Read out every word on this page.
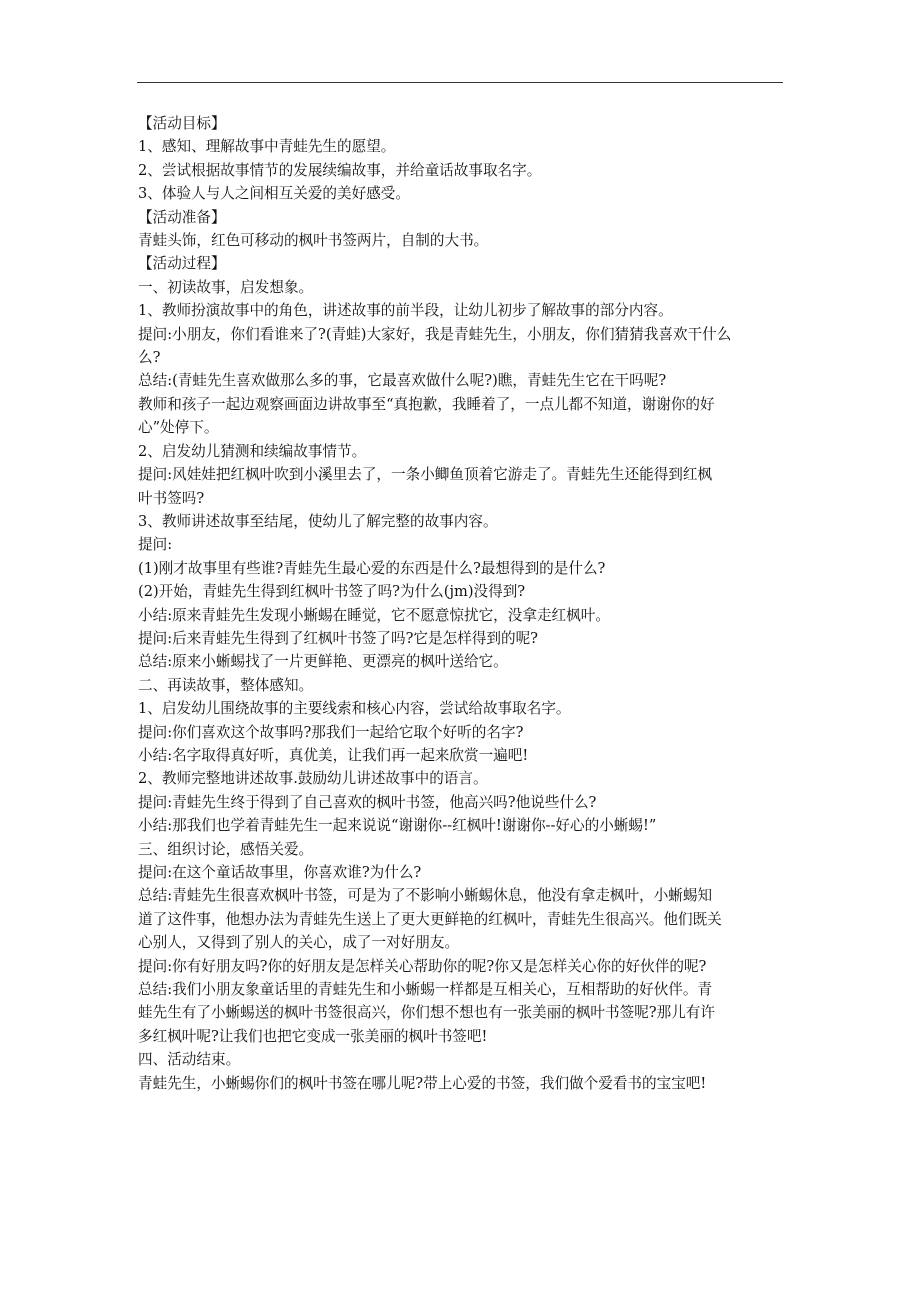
【活动目标】

1、感知、理解故事中青蛙先生的愿望。

2、尝试根据故事情节的发展续编故事，并给童话故事取名字。

3、体验人与人之间相互关爱的美好感受。

【活动准备】

青蛙头饰，红色可移动的枫叶书签两片，自制的大书。

【活动过程】

一、初读故事，启发想象。

1、教师扮演故事中的角色，讲述故事的前半段，让幼儿初步了解故事的部分内容。

提问:小朋友，你们看谁来了?(青蛙)大家好，我是青蛙先生，小朋友，你们猜猜我喜欢干什么

么?

总结:(青蛙先生喜欢做那么多的事，它最喜欢做什么呢?)瞧，青蛙先生它在干吗呢?

教师和孩子一起边观察画面边讲故事至“真抱歉，我睡着了，一点儿都不知道，谢谢你的好

心”处停下。

2、启发幼儿猜测和续编故事情节。

提问:风娃娃把红枫叶吹到小溪里去了，一条小鲫鱼顶着它游走了。青蛙先生还能得到红枫

叶书签吗?

3、教师讲述故事至结尾，使幼儿了解完整的故事内容。

提问:

(1)刚才故事里有些谁?青蛙先生最心爱的东西是什么?最想得到的是什么?

(2)开始，青蛙先生得到红枫叶书签了吗?为什么(jm)没得到?

小结:原来青蛙先生发现小蜥蜴在睡觉，它不愿意惊扰它，没拿走红枫叶。

提问:后来青蛙先生得到了红枫叶书签了吗?它是怎样得到的呢?

总结:原来小蜥蜴找了一片更鲜艳、更漂亮的枫叶送给它。

二、再读故事，整体感知。

1、启发幼儿围绕故事的主要线索和核心内容，尝试给故事取名字。

提问:你们喜欢这个故事吗?那我们一起给它取个好听的名字?

小结:名字取得真好听，真优美，让我们再一起来欣赏一遍吧!

2、教师完整地讲述故事.鼓励幼儿讲述故事中的语言。

提问:青蛙先生终于得到了自己喜欢的枫叶书签，他高兴吗?他说些什么?

小结:那我们也学着青蛙先生一起来说说“谢谢你--红枫叶!谢谢你--好心的小蜥蜴!”

三、组织讨论，感悟关爱。

提问:在这个童话故事里，你喜欢谁?为什么?

总结:青蛙先生很喜欢枫叶书签，可是为了不影响小蜥蜴休息，他没有拿走枫叶，小蜥蜴知

道了这件事，他想办法为青蛙先生送上了更大更鲜艳的红枫叶，青蛙先生很高兴。他们既关

心别人，又得到了别人的关心，成了一对好朋友。

提问:你有好朋友吗?你的好朋友是怎样关心帮助你的呢?你又是怎样关心你的好伙伴的呢?

总结:我们小朋友象童话里的青蛙先生和小蜥蜴一样都是互相关心，互相帮助的好伙伴。青

蛙先生有了小蜥蜴送的枫叶书签很高兴，你们想不想也有一张美丽的枫叶书签呢?那儿有许

多红枫叶呢?让我们也把它变成一张美丽的枫叶书签吧!

四、活动结束。

青蛙先生，小蜥蜴你们的枫叶书签在哪儿呢?带上心爱的书签，我们做个爱看书的宝宝吧!
